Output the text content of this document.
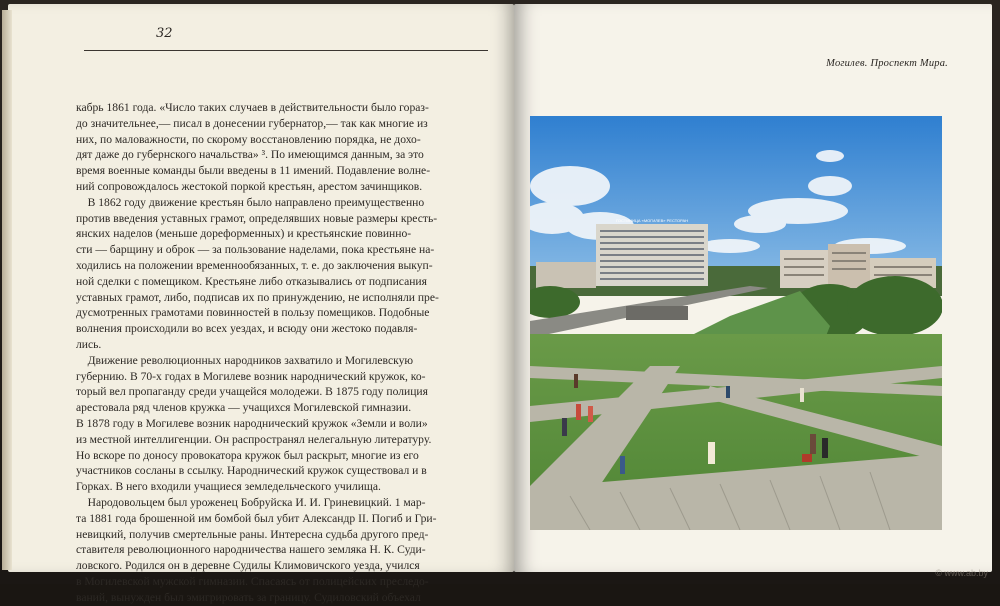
32
кабрь 1861 года. «Число таких случаев в действительности было гораз-
до значительнее,— писал в донесении губернатор,— так как многие из
них, по маловажности, по скорому восстановлению порядка, не дохо-
дят даже до губернского начальства» ³. По имеющимся данным, за это
время военные команды были введены в 11 имений. Подавление волне-
ний сопровождалось жестокой поркой крестьян, арестом зачинщиков.
В 1862 году движение крестьян было направлено преимущественно
против введения уставных грамот, определявших новые размеры кресть-
янских наделов (меньше дореформенных) и крестьянские повинно-
сти — барщину и оброк — за пользование наделами, пока крестьяне на-
ходились на положении временнообязанных, т. е. до заключения выкуп-
ной сделки с помещиком. Крестьяне либо отказывались от подписания
уставных грамот, либо, подписав их по принуждению, не исполняли пре-
дусмотренных грамотами повинностей в пользу помещиков. Подобные
волнения происходили во всех уездах, и всюду они жестоко подавля-
лись.
Движение революционных народников захватило и Могилевскую
губернию. В 70-х годах в Могилеве возник народнический кружок, ко-
торый вел пропаганду среди учащейся молодежи. В 1875 году полиция
арестовала ряд членов кружка — учащихся Могилевской гимназии.
В 1878 году в Могилеве возник народнический кружок «Земли и воли»
из местной интеллигенции. Он распространял нелегальную литературу.
Но вскоре по доносу провокатора кружок был раскрыт, многие из его
участников сосланы в ссылку. Народнический кружок существовал и в
Горках. В него входили учащиеся земледельческого училища.
Народовольцем был уроженец Бобруйска И. И. Гриневицкий. 1 мар-
та 1881 года брошенной им бомбой был убит Александр II. Погиб и Гри-
невицкий, получив смертельные раны. Интересна судьба другого пред-
ставителя революционного народничества нашего земляка Н. К. Суди-
ловского. Родился он в деревне Судилы Климовичского уезда, учился
в Могилевской мужской гимназии. Спасаясь от полицейских преследо-
ваний, вынужден был эмигрировать за границу. Судиловский объехал
Могилев. Проспект Мира.
ГОСТИНИЦА «МОГИЛЕВ» РЕСТОРАН
© www.ab.by
